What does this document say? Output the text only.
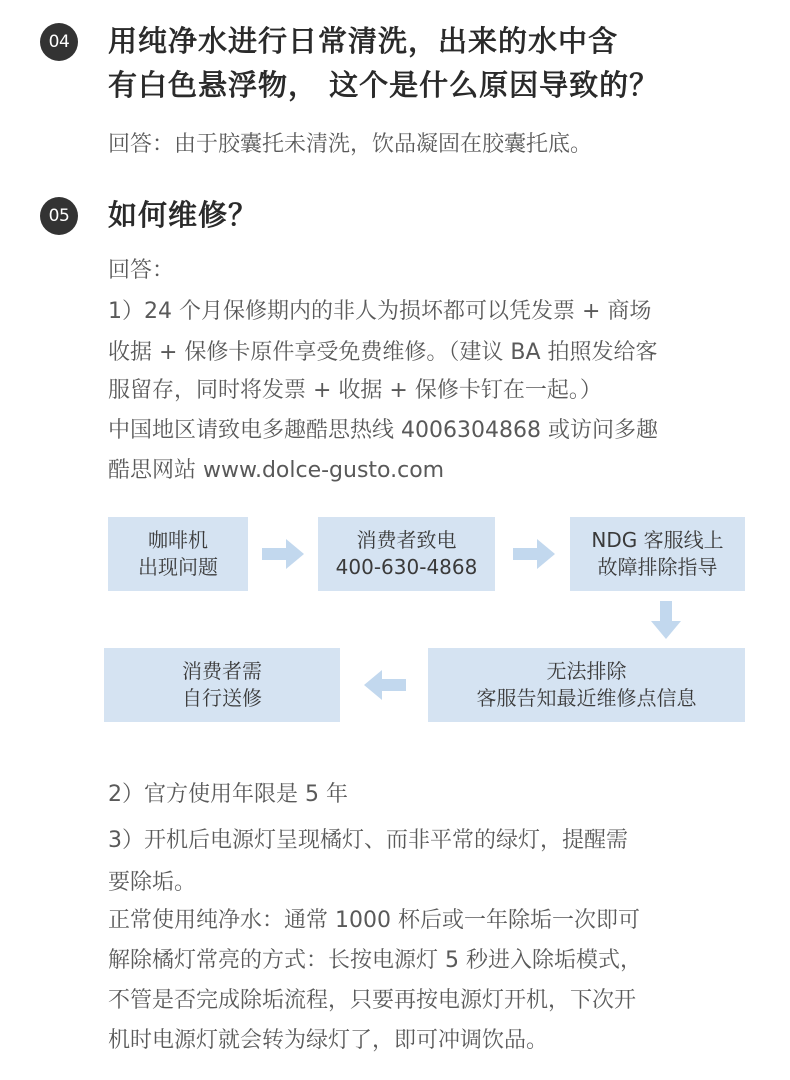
04 用纯净水进行日常清洗，出来的水中含
有白色悬浮物， 这个是什么原因导致的？
回答：由于胶囊托未清洗，饮品凝固在胶囊托底。
05 如何维修？
回答：
1）24 个月保修期内的非人为损坏都可以凭发票 + 商场
收据 + 保修卡原件享受免费维修。（建议 BA 拍照发给客
服留存，同时将发票 + 收据 + 保修卡钉在一起。）
中国地区请致电多趣酷思热线 4006304868 或访问多趣
酷思网站 www.dolce-gusto.com
咖啡机
出现问题
消费者致电
400-630-4868
NDG 客服线上
故障排除指导
无法排除
客服告知最近维修点信息
消费者需
自行送修
2）官方使用年限是 5 年
3）开机后电源灯呈现橘灯、而非平常的绿灯，提醒需
要除垢。
正常使用纯净水：通常 1000 杯后或一年除垢一次即可
解除橘灯常亮的方式：长按电源灯 5 秒进入除垢模式，
不管是否完成除垢流程，只要再按电源灯开机，下次开
机时电源灯就会转为绿灯了，即可冲调饮品。
